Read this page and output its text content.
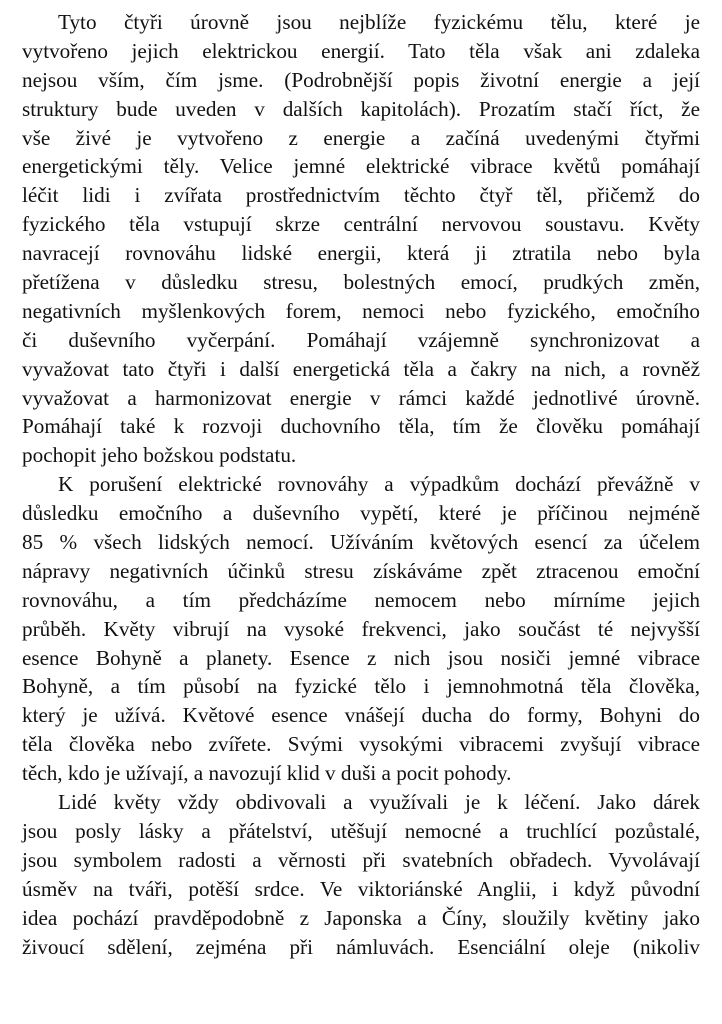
Tyto čtyři úrovně jsou nejblíže fyzickému tělu, které je
vytvořeno jejich elektrickou energií. Tato těla však ani zdaleka
nejsou vším, čím jsme. (Podrobnější popis životní energie a její
struktury bude uveden v dalších kapitolách). Prozatím stačí říct, že
vše živé je vytvořeno z energie a začíná uvedenými čtyřmi
energetickými těly. Velice jemné elektrické vibrace květů pomáhají
léčit lidi i zvířata prostřednictvím těchto čtyř těl, přičemž do
fyzického těla vstupují skrze centrální nervovou soustavu. Květy
navracejí rovnováhu lidské energii, která ji ztratila nebo byla
přetížena v důsledku stresu, bolestných emocí, prudkých změn,
negativních myšlenkových forem, nemoci nebo fyzického, emočního
či duševního vyčerpání. Pomáhají vzájemně synchronizovat a
vyvažovat tato čtyři i další energetická těla a čakry na nich, a rovněž
vyvažovat a harmonizovat energie v rámci každé jednotlivé úrovně.
Pomáhají také k rozvoji duchovního těla, tím že člověku pomáhají
pochopit jeho božskou podstatu.
K porušení elektrické rovnováhy a výpadkům dochází převážně v
důsledku emočního a duševního vypětí, které je příčinou nejméně
85 % všech lidských nemocí. Užíváním květových esencí za účelem
nápravy negativních účinků stresu získáváme zpět ztracenou emoční
rovnováhu, a tím předcházíme nemocem nebo mírníme jejich
průběh. Květy vibrují na vysoké frekvenci, jako součást té nejvyšší
esence Bohyně a planety. Esence z nich jsou nosiči jemné vibrace
Bohyně, a tím působí na fyzické tělo i jemnohmotná těla člověka,
který je užívá. Květové esence vnášejí ducha do formy, Bohyni do
těla člověka nebo zvířete. Svými vysokými vibracemi zvyšují vibrace
těch, kdo je užívají, a navozují klid v duši a pocit pohody.
Lidé květy vždy obdivovali a využívali je k léčení. Jako dárek
jsou posly lásky a přátelství, utěšují nemocné a truchlící pozůstalé,
jsou symbolem radosti a věrnosti při svatebních obřadech. Vyvolávají
úsměv na tváři, potěší srdce. Ve viktoriánské Anglii, i když původní
idea pochází pravděpodobně z Japonska a Číny, sloužily květiny jako
živoucí sdělení, zejména při námluvách. Esenciální oleje (nikoliv
